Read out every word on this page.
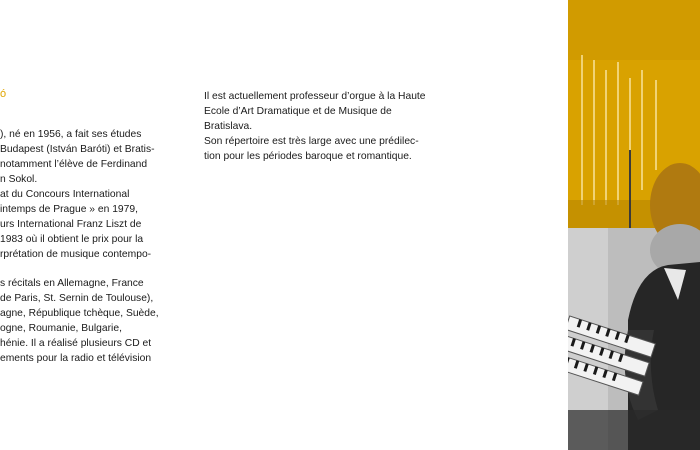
ó

), né en 1956, a fait ses études

Budapest (István Baróti) et Bratis-

notamment l’élève de Ferdinand

n Sokol.

at du Concours International

intemps de Prague » en 1979,

urs International Franz Liszt de

1983 où il obtient le prix pour la

rprétation de musique contempo-

s récitals en Allemagne, France

de Paris, St. Sernin de Toulouse),

agne, République tchèque, Suède,

ogne, Roumanie, Bulgarie,

hénie. Il a réalisé plusieurs CD et

ements pour la radio et télévision

Il est actuellement professeur d’orgue à la Haute

Ecole d’Art Dramatique et de Musique de

Bratislava.

Son répertoire est très large avec une prédilec-

tion pour les périodes baroque et romantique.
